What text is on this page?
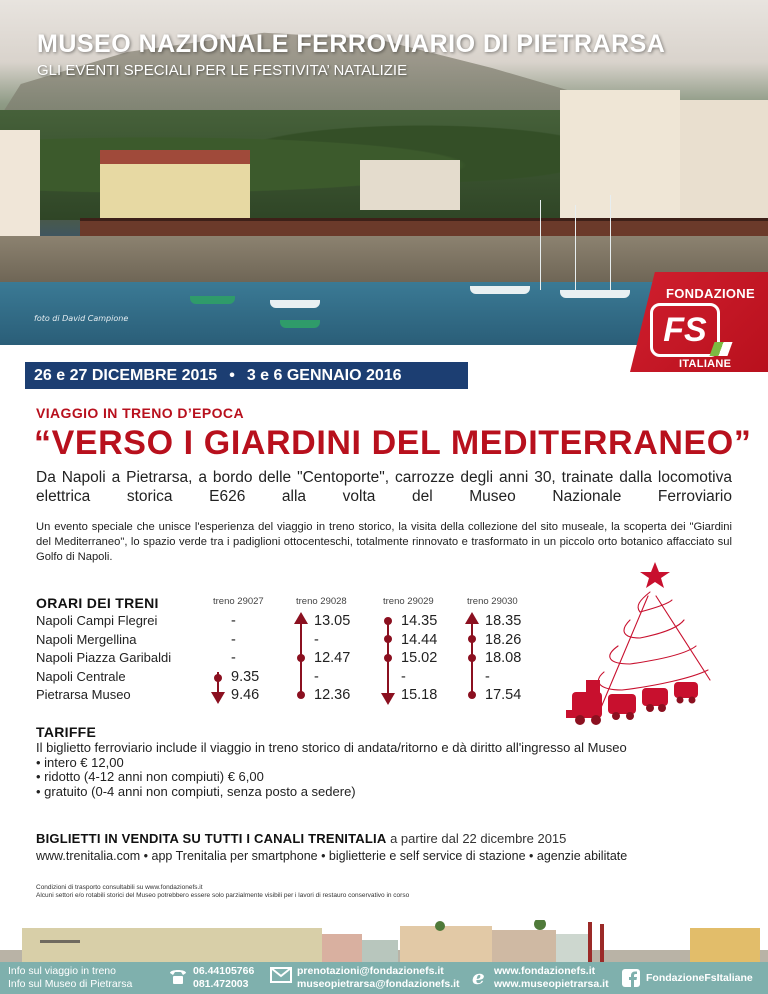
MUSEO NAZIONALE FERROVIARIO DI PIETRARSA
GLI EVENTI SPECIALI PER LE FESTIVITA’ NATALIZIE
foto di David Campione
FONDAZIONE
FS
ITALIANE
26 e 27 DICEMBRE 2015 • 3 e 6 GENNAIO 2016
VIAGGIO IN TRENO D’EPOCA
“VERSO I GIARDINI DEL MEDITERRANEO”
Da Napoli a Pietrarsa, a bordo delle "Centoporte", carrozze degli anni 30, trainate dalla locomotiva elettrica storica E626 alla volta del Museo Nazionale Ferroviario
Un evento speciale che unisce l'esperienza del viaggio in treno storico, la visita della collezione del sito museale, la scoperta dei "Giardini del Mediterraneo", lo spazio verde tra i padiglioni ottocenteschi, totalmente rinnovato e trasformato in un piccolo orto botanico affacciato sul Golfo di Napoli.
ORARI DEI TRENI
Napoli Campi Flegrei
Napoli Mergellina
Napoli Piazza Garibaldi
Napoli Centrale
Pietrarsa Museo
treno 29027
-
-
-
9.35
9.46
treno 29028
13.05
-
12.47
-
12.36
treno 29029
14.35
14.44
15.02
-
15.18
treno 29030
18.35
18.26
18.08
-
17.54
TARIFFE
Il biglietto ferroviario include il viaggio in treno storico di andata/ritorno e dà diritto all'ingresso al Museo
• intero € 12,00
• ridotto (4-12 anni non compiuti) € 6,00
• gratuito (0-4 anni non compiuti, senza posto a sedere)
BIGLIETTI IN VENDITA SU TUTTI I CANALI TRENITALIA a partire dal 22 dicembre 2015
www.trenitalia.com • app Trenitalia per smartphone • biglietterie e self service di stazione • agenzie abilitate
Condizioni di trasporto consultabili su www.fondazionefs.it
Alcuni settori e/o rotabili storici del Museo potrebbero essere solo parzialmente visibili per i lavori di restauro conservativo in corso
Info sul viaggio in treno
Info sul Museo di Pietrarsa
06.44105766
081.472003
prenotazioni@fondazionefs.it
museopietrarsa@fondazionefs.it e www.fondazionefs.it
www.museopietrarsa.it	FondazioneFsItaliane
